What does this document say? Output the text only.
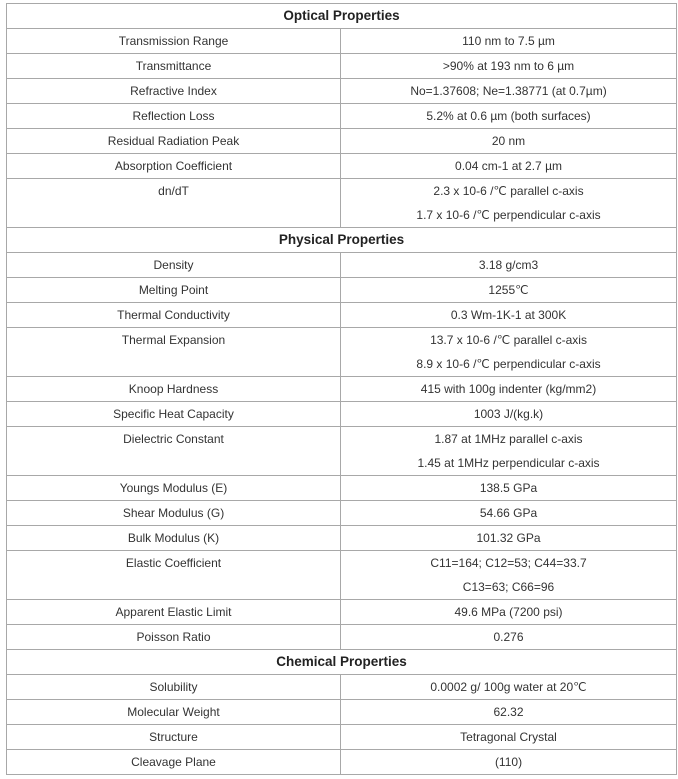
Optical Properties	
Transmission Range	110 nm to 7.5 µm
Transmittance	>90% at 193 nm to 6 µm
Refractive Index	No=1.37608; Ne=1.38771 (at 0.7µm)
Reflection Loss	5.2% at 0.6 µm (both surfaces)
Residual Radiation Peak	20 nm
Absorption Coefficient	0.04 cm-1 at 2.7 µm
dn/dT	2.3 x 10-6 /℃ parallel c-axis
1.7 x 10-6 /℃ perpendicular c-axis

Physical Properties	
Density	3.18 g/cm3
Melting Point	1255℃
Thermal Conductivity	0.3 Wm-1K-1 at 300K
Thermal Expansion	13.7 x 10-6 /℃ parallel c-axis
8.9 x 10-6 /℃ perpendicular c-axis

Knoop Hardness	415 with 100g indenter (kg/mm2)
Specific Heat Capacity	1003 J/(kg.k)
Dielectric Constant	1.87 at 1MHz parallel c-axis
1.45 at 1MHz perpendicular c-axis

Youngs Modulus (E)	138.5 GPa
Shear Modulus (G)	54.66 GPa
Bulk Modulus (K)	101.32 GPa
Elastic Coefficient	C11=164; C12=53; C44=33.7
C13=63; C66=96

Apparent Elastic Limit	49.6 MPa (7200 psi)
Poisson Ratio	0.276
Chemical Properties	
Solubility	0.0002 g/ 100g water at 20℃
Molecular Weight	62.32
Structure	Tetragonal Crystal
Cleavage Plane	(110)
